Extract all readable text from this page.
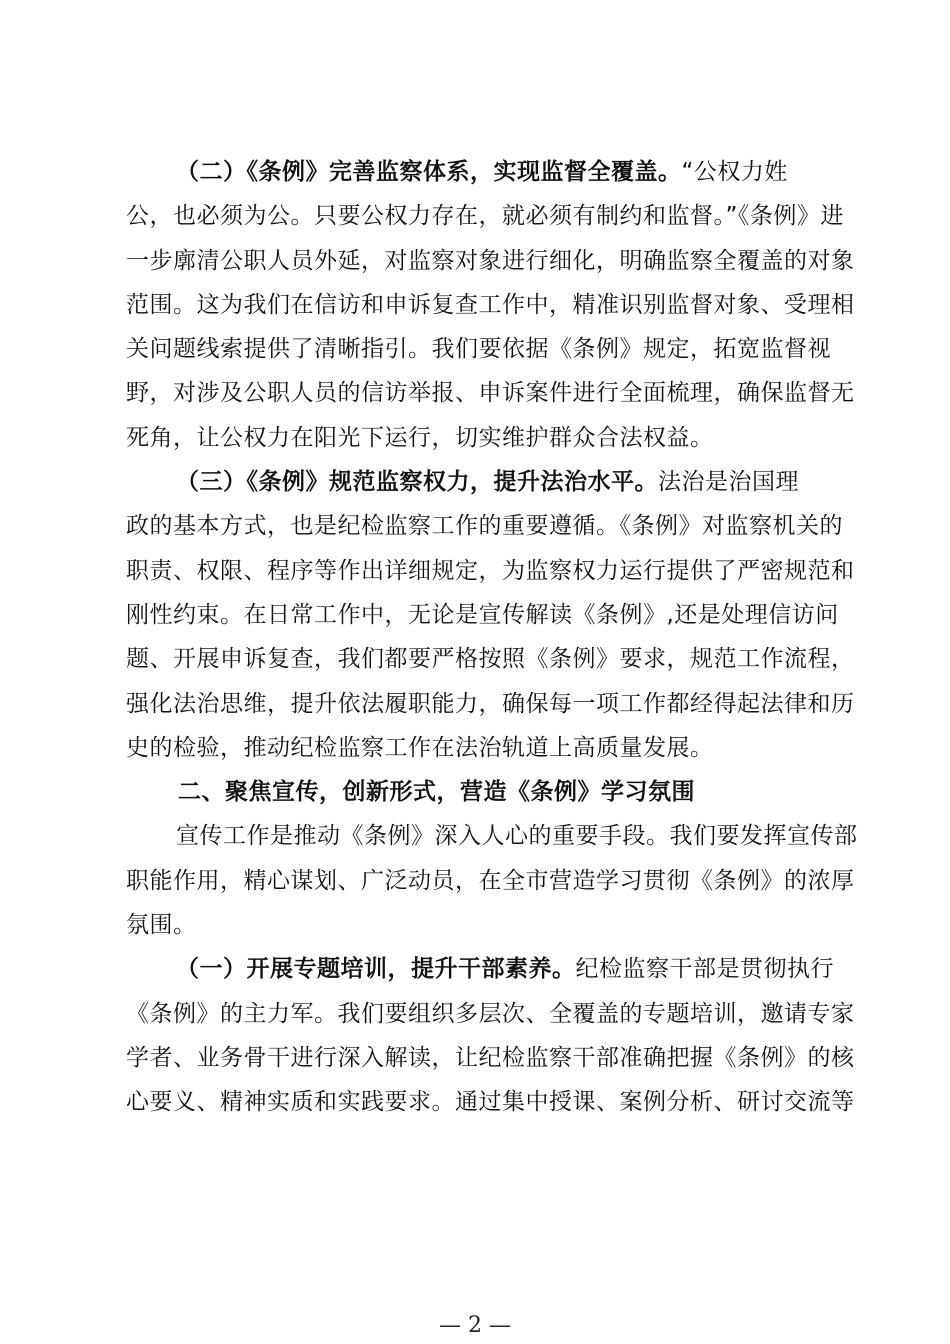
（二）《条例》完善监察体系，实现监督全覆盖。“公权力姓
公，也必须为公。只要公权力存在，就必须有制约和监督。”《条例》进
一步廓清公职人员外延，对监察对象进行细化，明确监察全覆盖的对象
范围。这为我们在信访和申诉复查工作中，精准识别监督对象、受理相
关问题线索提供了清晰指引。我们要依据《条例》规定，拓宽监督视
野，对涉及公职人员的信访举报、申诉案件进行全面梳理，确保监督无
死角，让公权力在阳光下运行，切实维护群众合法权益。
（三）《条例》规范监察权力，提升法治水平。法治是治国理
政的基本方式，也是纪检监察工作的重要遵循。《条例》对监察机关的
职责、权限、程序等作出详细规定，为监察权力运行提供了严密规范和
刚性约束。在日常工作中，无论是宣传解读《条例》,还是处理信访问
题、开展申诉复查，我们都要严格按照《条例》要求，规范工作流程，
强化法治思维，提升依法履职能力，确保每一项工作都经得起法律和历
史的检验，推动纪检监察工作在法治轨道上高质量发展。
二、聚焦宣传，创新形式，营造《条例》学习氛围
宣传工作是推动《条例》深入人心的重要手段。我们要发挥宣传部
职能作用，精心谋划、广泛动员，在全市营造学习贯彻《条例》的浓厚
氛围。
（一）开展专题培训，提升干部素养。纪检监察干部是贯彻执行
《条例》的主力军。我们要组织多层次、全覆盖的专题培训，邀请专家
学者、业务骨干进行深入解读，让纪检监察干部准确把握《条例》的核
心要义、精神实质和实践要求。通过集中授课、案例分析、研讨交流等
— 2 —
